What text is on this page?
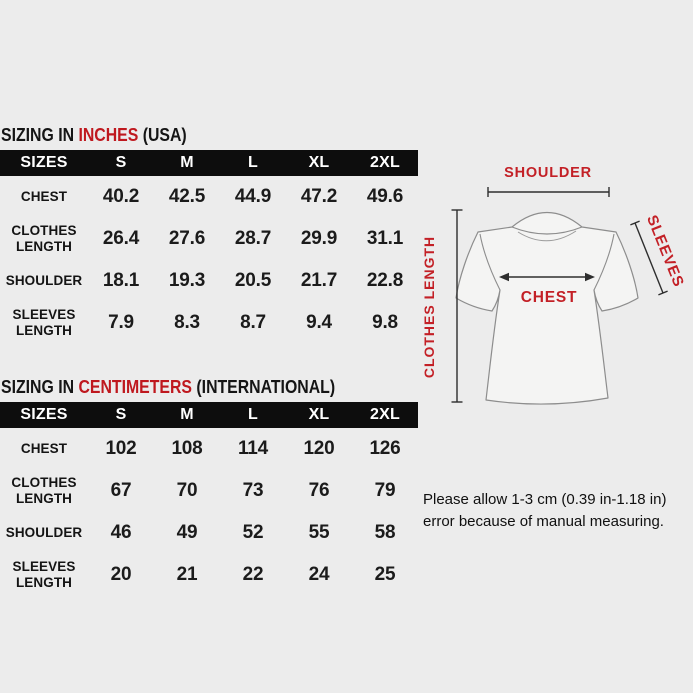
SIZING IN INCHES (USA)
SIZES	S	M	L	XL	2XL
CHEST	40.2	42.5	44.9	47.2	49.6
CLOTHES LENGTH	26.4	27.6	28.7	29.9	31.1
SHOULDER	18.1	19.3	20.5	21.7	22.8
SLEEVES LENGTH	7.9	8.3	8.7	9.4	9.8
SIZING IN CENTIMETERS (INTERNATIONAL)
SIZES	S	M	L	XL	2XL
CHEST	102	108	114	120	126
CLOTHES LENGTH	67	70	73	76	79
SHOULDER	46	49	52	55	58
SLEEVES LENGTH	20	21	22	24	25
SHOULDER
CLOTHES LENGTH	SLEEVES
CHEST
Please allow 1-3 cm (0.39 in-1.18 in)
error because of manual measuring.
